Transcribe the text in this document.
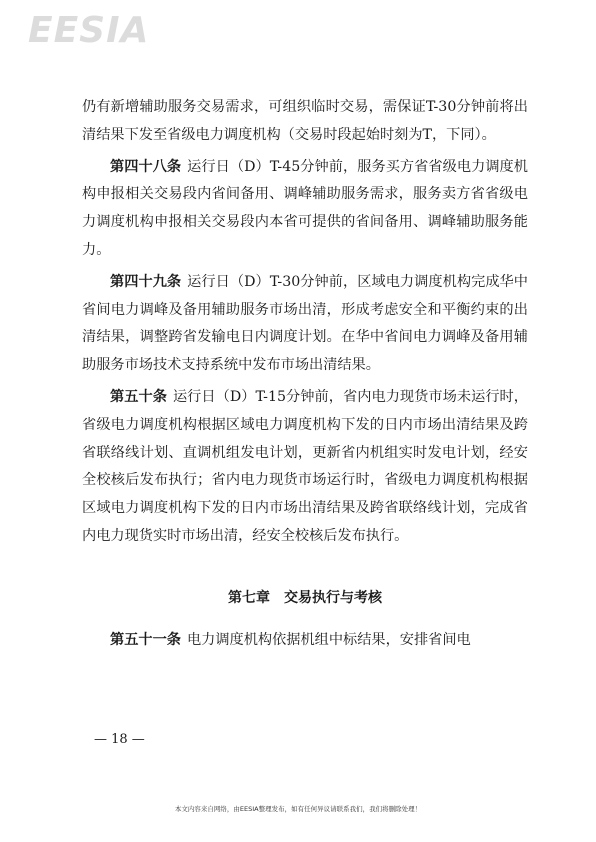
EESIA

仍有新增辅助服务交易需求，可组织临时交易，需保证T-30分钟前将出清结果下发至省级电力调度机构（交易时段起始时刻为T，下同）。

第四十八条 运行日（D）T-45分钟前，服务买方省省级电力调度机构申报相关交易段内省间备用、调峰辅助服务需求，服务卖方省省级电力调度机构申报相关交易段内本省可提供的省间备用、调峰辅助服务能力。

第四十九条 运行日（D）T-30分钟前，区域电力调度机构完成华中省间电力调峰及备用辅助服务市场出清，形成考虑安全和平衡约束的出清结果，调整跨省发输电日内调度计划。在华中省间电力调峰及备用辅助服务市场技术支持系统中发布市场出清结果。

第五十条 运行日（D）T-15分钟前，省内电力现货市场未运行时，省级电力调度机构根据区域电力调度机构下发的日内市场出清结果及跨省联络线计划、直调机组发电计划，更新省内机组实时发电计划，经安全校核后发布执行；省内电力现货市场运行时，省级电力调度机构根据区域电力调度机构下发的日内市场出清结果及跨省联络线计划，完成省内电力现货实时市场出清，经安全校核后发布执行。

第七章　交易执行与考核

第五十一条 电力调度机构依据机组中标结果，安排省间电

— 18 —
本文内容来自网络，由EESIA整理发布，如有任何异议请联系我们，我们将删除处理！
